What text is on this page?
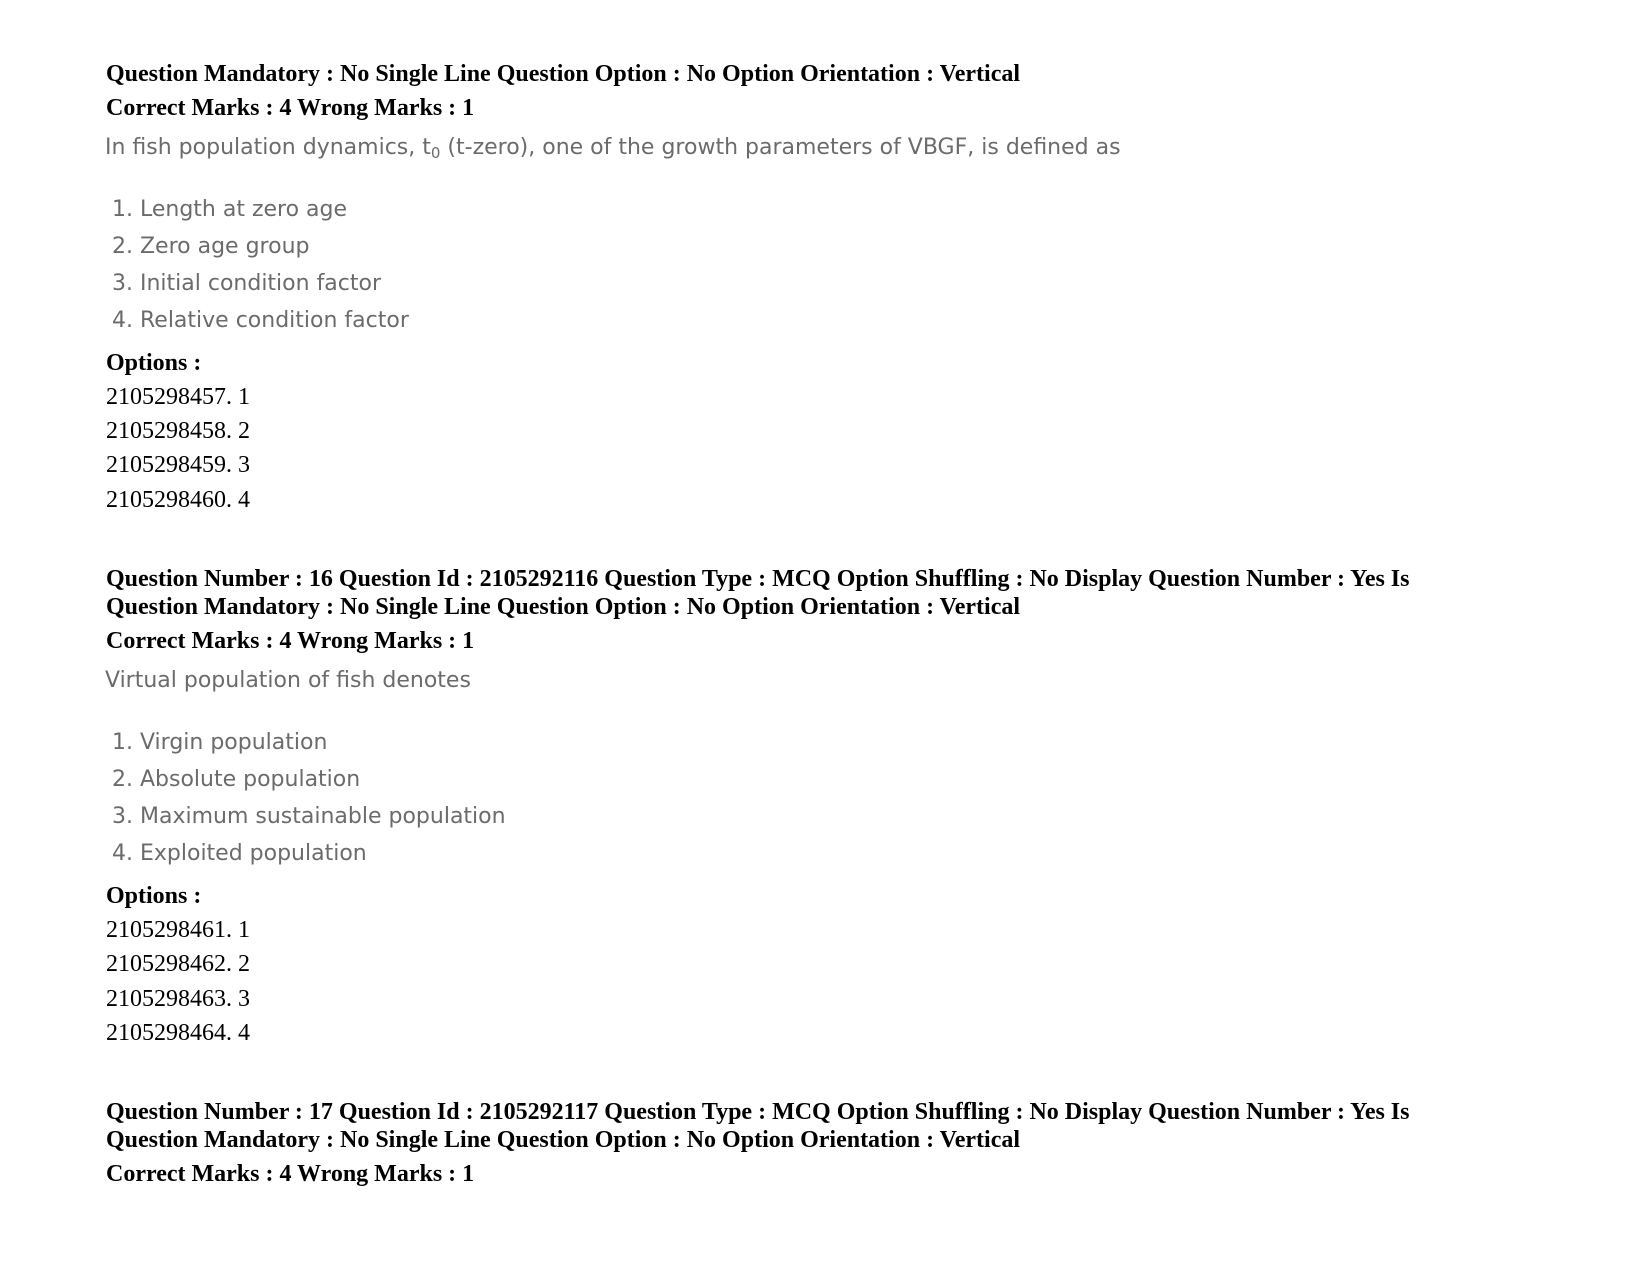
Question Mandatory : No Single Line Question Option : No Option Orientation : Vertical
Correct Marks : 4 Wrong Marks : 1
In fish population dynamics, $t_0$ (t-zero), one of the growth parameters of VBGF, is defined as
1. Length at zero age
2. Zero age group
3. Initial condition factor
4. Relative condition factor
Options :
2105298457. 1
2105298458. 2
2105298459. 3
2105298460. 4
Question Number : 16 Question Id : 2105292116 Question Type : MCQ Option Shuffling : No Display Question Number : Yes Is
Question Mandatory : No Single Line Question Option : No Option Orientation : Vertical
Correct Marks : 4 Wrong Marks : 1
Virtual population of fish denotes
1. Virgin population
2. Absolute population
3. Maximum sustainable population
4. Exploited population
Options :
2105298461. 1
2105298462. 2
2105298463. 3
2105298464. 4
Question Number : 17 Question Id : 2105292117 Question Type : MCQ Option Shuffling : No Display Question Number : Yes Is
Question Mandatory : No Single Line Question Option : No Option Orientation : Vertical
Correct Marks : 4 Wrong Marks : 1
